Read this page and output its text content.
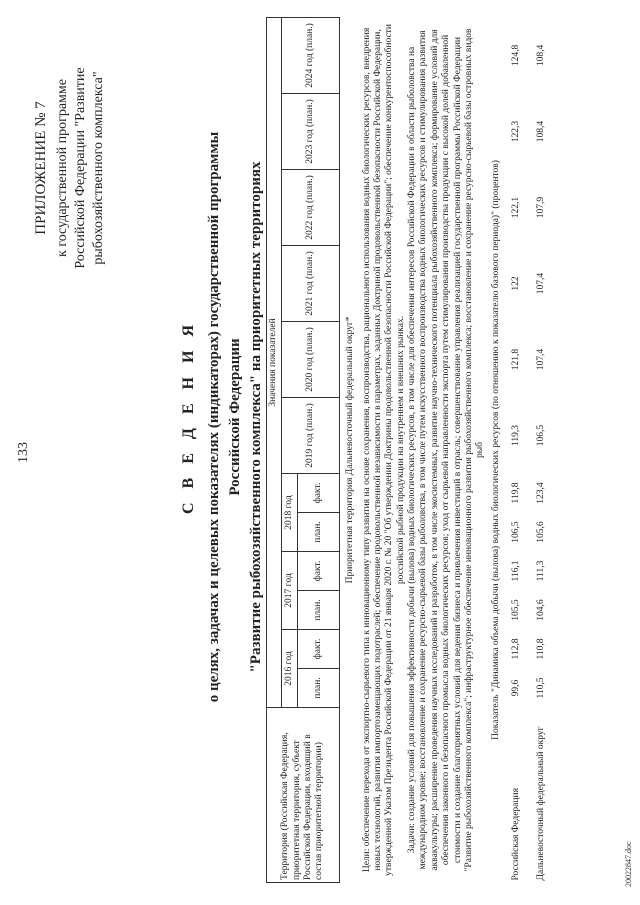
133
ПРИЛОЖЕНИЕ № 7 к государственной программе Российской Федерации "Развитие рыбохозяйственного комплекса"
С В Е Д Е Н И Я о целях, задачах и целевых показателях (индикаторах) государственной программы Российской Федерации "Развитие рыбохозяйственного комплекса" на приоритетных территориях
Территория (Российская Федерация, приоритетная территория, субъект Российской Федерации, входящий в состав приоритетной территории)	Значения показателей											
	2016 год		2017 год		2018 год		2019 год (план.)	2020 год (план.)	2021 год (план.)	2022 год (план.)	2023 год (план.)	2024 год (план.)
	план.	факт.	план.	факт.	план.	факт.						
Приоритетная территория Дальневосточный федеральный округ*												
Цели: обеспечение перехода от экспортно-сырьевого типа к инновационному типу развития на основе сохранения, воспроизводства, рационального использования водных биологических ресурсов, внедрения новых технологий, развития импортозамещающих подотраслей; обеспечение продовольственной независимости в параметрах, заданных Доктриной продовольственной безопасности Российской Федерации, утвержденной Указом Президента Российской Федерации от 21 января 2020 г. № 20 "Об утверждении Доктрины продовольственной безопасности Российской Федерации"; обеспечение конкурентоспособности российской рыбной продукции на внутреннем и внешних рынках.												
Задачи: создание условий для повышения эффективности добычи (вылова) водных биологических ресурсов, в том числе для обеспечения интересов Российской Федерации в области рыболовства на международном уровне; восстановление и сохранение ресурсно-сырьевой базы рыболовства, в том числе путем искусственного воспроизводства водных биологических ресурсов и стимулирования развития аквакультуры; расширение проведения научных исследований и разработок, в том числе экосистемных, развитие научно-технического потенциала рыбохозяйственного комплекса; формирование условий для обеспечения законного и безопасного промысла водных биологических ресурсов; уход от сырьевой направленности экспорта путем стимулирования производства продукции с высокой долей добавленной стоимости и создание благоприятных условий для ведения бизнеса и привлечения инвестиций в отрасль; совершенствование управления реализацией государственной программы Российской Федерации "Развитие рыбохозяйственного комплекса"; инфраструктурное обеспечение инновационного развития рыбохозяйственного комплекса; восстановление и сохранение ресурсно-сырьевой базы островных видов рыб												
Показатель "Динамика объема добычи (вылова) водных биологических ресурсов (по отношению к показателю базового периода)" (процентов)												
Российская Федерация	99,6	112,8	105,5	116,1	106,5	119,8	119,3	121,8	122	122,1	122,3	124,8
Дальневосточный федеральный округ	110,5	110,8	104,6	111,3	105,6	123,4	106,5	107,4	107,4	107,9	108,4	108,4
20022847.doc
